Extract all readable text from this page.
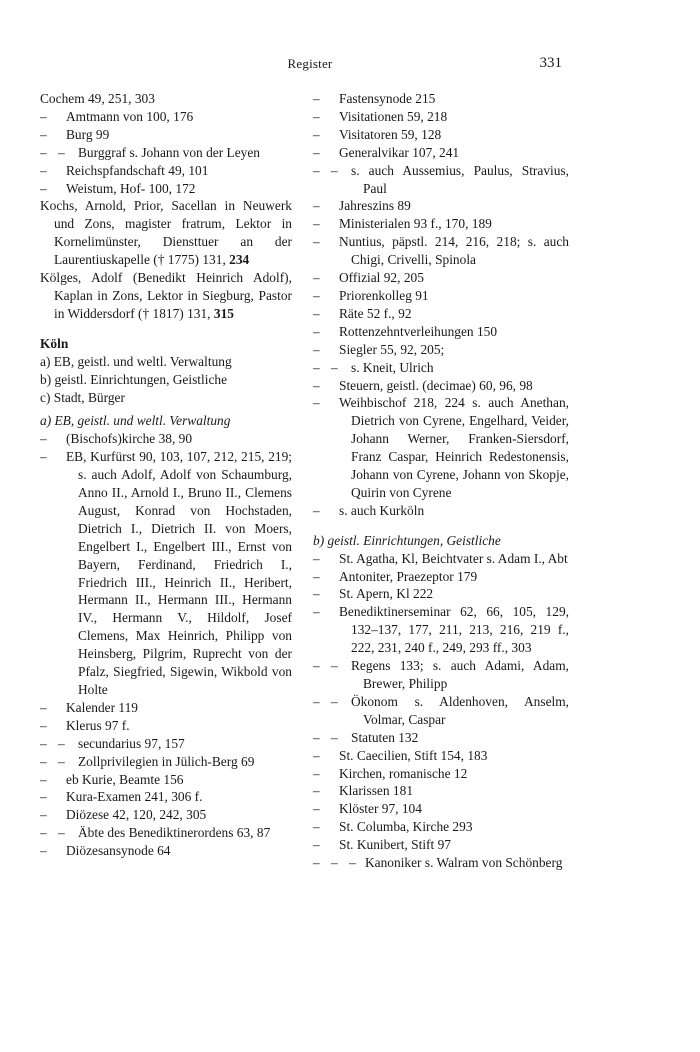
Register	331
Cochem 49, 251, 303
– Amtmann von 100, 176
– Burg 99
– – Burggraf s. Johann von der Leyen
– Reichspfandschaft 49, 101
– Weistum, Hof- 100, 172
Kochs, Arnold, Prior, Sacellan in Neuwerk und Zons, magister fratrum, Lektor in Kornelimünster, Diensttuer an der Laurentiuskapelle († 1775) 131, 234
Kölges, Adolf (Benedikt Heinrich Adolf), Kaplan in Zons, Lektor in Siegburg, Pastor in Widdersdorf († 1817) 131, 315
Köln
a) EB, geistl. und weltl. Verwaltung
b) geistl. Einrichtungen, Geistliche
c) Stadt, Bürger
a) EB, geistl. und weltl. Verwaltung
– (Bischofs)kirche 38, 90
– EB, Kurfürst 90, 103, 107, 212, 215, 219; s. auch Adolf, Adolf von Schaumburg, Anno II., Arnold I., Bruno II., Clemens August, Konrad von Hochstaden, Dietrich I., Dietrich II. von Moers, Engelbert I., Engelbert III., Ernst von Bayern, Ferdinand, Friedrich I., Friedrich III., Heinrich II., Heribert, Hermann II., Hermann III., Hermann IV., Hermann V., Hildolf, Josef Clemens, Max Heinrich, Philipp von Heinsberg, Pilgrim, Ruprecht von der Pfalz, Siegfried, Sigewin, Wikbold von Holte
– Kalender 119
– Klerus 97 f.
– – secundarius 97, 157
– – Zollprivilegien in Jülich-Berg 69
– eb Kurie, Beamte 156
– Kura-Examen 241, 306 f.
– Diözese 42, 120, 242, 305
– – Äbte des Benediktinerordens 63, 87
– Diözesansynode 64
– Fastensynode 215
– Visitationen 59, 218
– Visitatoren 59, 128
– Generalvikar 107, 241
– – s. auch Aussemius, Paulus, Stravius, Paul
– Jahreszins 89
– Ministerialen 93 f., 170, 189
– Nuntius, päpstl. 214, 216, 218; s. auch Chigi, Crivelli, Spinola
– Offizial 92, 205
– Priorenkolleg 91
– Räte 52 f., 92
– Rottenzehntverleihungen 150
– Siegler 55, 92, 205;
– – s. Kneit, Ulrich
– Steuern, geistl. (decimae) 60, 96, 98
– Weihbischof 218, 224 s. auch Anethan, Dietrich von Cyrene, Engelhard, Veider, Johann Werner, Franken-Siersdorf, Franz Caspar, Heinrich Redestonensis, Johann von Cyrene, Johann von Skopje, Quirin von Cyrene
– s. auch Kurköln
b) geistl. Einrichtungen, Geistliche
– St. Agatha, Kl, Beichtvater s. Adam I., Abt
– Antoniter, Praezeptor 179
– St. Apern, Kl 222
– Benediktinerseminar 62, 66, 105, 129, 132–137, 177, 211, 213, 216, 219 f., 222, 231, 240 f., 249, 293 ff., 303
– – Regens 133; s. auch Adami, Adam, Brewer, Philipp
– – Ökonom s. Aldenhoven, Anselm, Volmar, Caspar
– – Statuten 132
– St. Caecilien, Stift 154, 183
– Kirchen, romanische 12
– Klarissen 181
– Klöster 97, 104
– St. Columba, Kirche 293
– St. Kunibert, Stift 97
– – – Kanoniker s. Walram von Schönberg
